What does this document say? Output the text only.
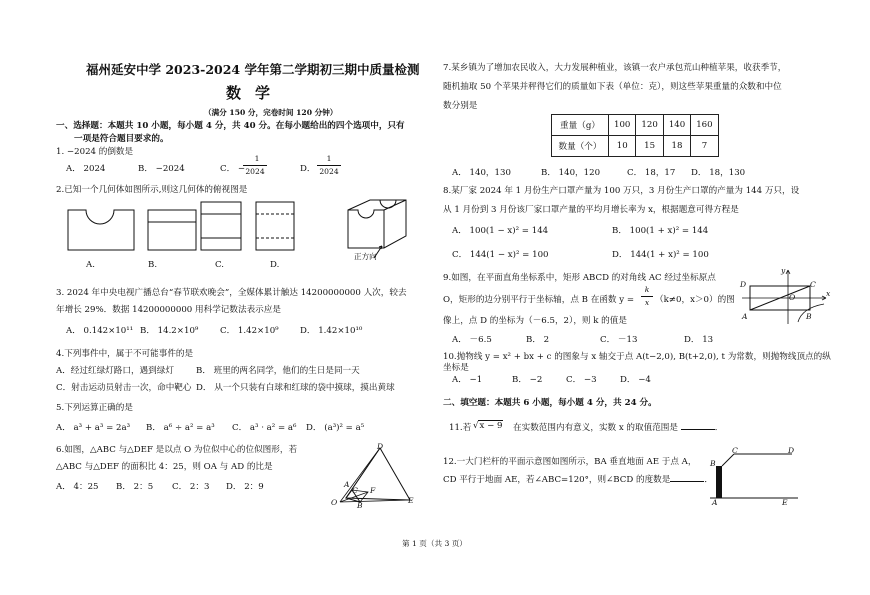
福州延安中学 2023-2024 学年第二学期初三期中质量检测
数学
（满分 150 分，完卷时间 120 分钟）
一、选择题：本题共 10 小题，每小题 4 分，共 40 分。在每小题给出的四个选项中，只有
一项是符合题目要求的。
1. −2024 的倒数是
A． 2024	B． −2024	C． −
1
2024	D．
1
2024
2.已知一个几何体如图所示,则这几何体的俯视图是
A.	B.	C.	D.
正方向
3. 2024 年中央电视广播总台“春节联欢晚会”，全媒体累计触达 14200000000 人次，较去
年增长 29%．数据 14200000000 用科学记数法表示应是
A． 0.142×10¹¹ B． 14.2×10⁹	C． 1.42×10⁹ D． 1.42×10¹⁰
4.下列事件中，属于不可能事件的是
A．经过红绿灯路口，遇到绿灯	B． 班里的两名同学，他们的生日是同一天
C．射击运动员射击一次，命中靶心 D． 从一个只装有白球和红球的袋中摸球，摸出黄球
5.下列运算正确的是
A． a³ + a³ = 2a³ B． a⁶ ÷ a² = a³ C． a³ · a² = a⁶ D． (a³)² = a⁵
6.如图，△ABC 与△DEF 是以点 O 为位似中心的位似图形，若
△ABC 与△DEF 的面积比 4：25，则 OA 与 AD 的比是
A． 4：25 B． 2：5 C． 2：3 D． 2：9
D
A
C F
O	B
E
7.某乡镇为了增加农民收入，大力发展种植业，该镇一农户承包荒山种植苹果，收获季节，
随机抽取 50 个苹果并秤得它们的质量如下表（单位：克），则这些苹果重量的众数和中位
数分别是
重量（g）	100	120	140	160
数量（个）	10	15	18	7
A． 140，130	B． 140，120	C． 18，17 D． 18，130
8.某厂家 2024 年 1 月份生产口罩产量为 100 万只，3 月份生产口罩的产量为 144 万只，设
从 1 月份到 3 月份该厂家口罩产量的平均月增长率为 x，根据题意可得方程是
A． 100(1 − x)² = 144	B． 100(1 + x)² = 144
C． 144(1 − x)² = 100	D． 144(1 + x)² = 100
9.如图，在平面直角坐标系中，矩形 ABCD 的对角线 AC 经过坐标原点
O，矩形的边分别平行于坐标轴，点 B 在函数 y =
k
x （k≠0，x＞0）的图
像上，点 D 的坐标为（－6.5，2），则 k 的值是
A． －6.5	B． 2	C． －13	D． 13
y
D	C
O	x
A	B
10.抛物线 y = x² + bx + c 的图象与 x 轴交于点 A(t−2,0), B(t+2,0), t 为常数，则抛物线顶点的纵
坐标是
A． −1	B． −2	C． −3	D． −4
二、填空题：本题共 6 小题，每小题 4 分，共 24 分。
11.若 √x − 9 在实数范围内有意义，实数 x 的取值范围是	．
12.一大门栏杆的平面示意图如图所示，BA 垂直地面 AE 于点 A，
CD 平行于地面 AE，若∠ABC=120°，则∠BCD 的度数是	．
B
C	D
A	E
第 1 页（共 3 页）
